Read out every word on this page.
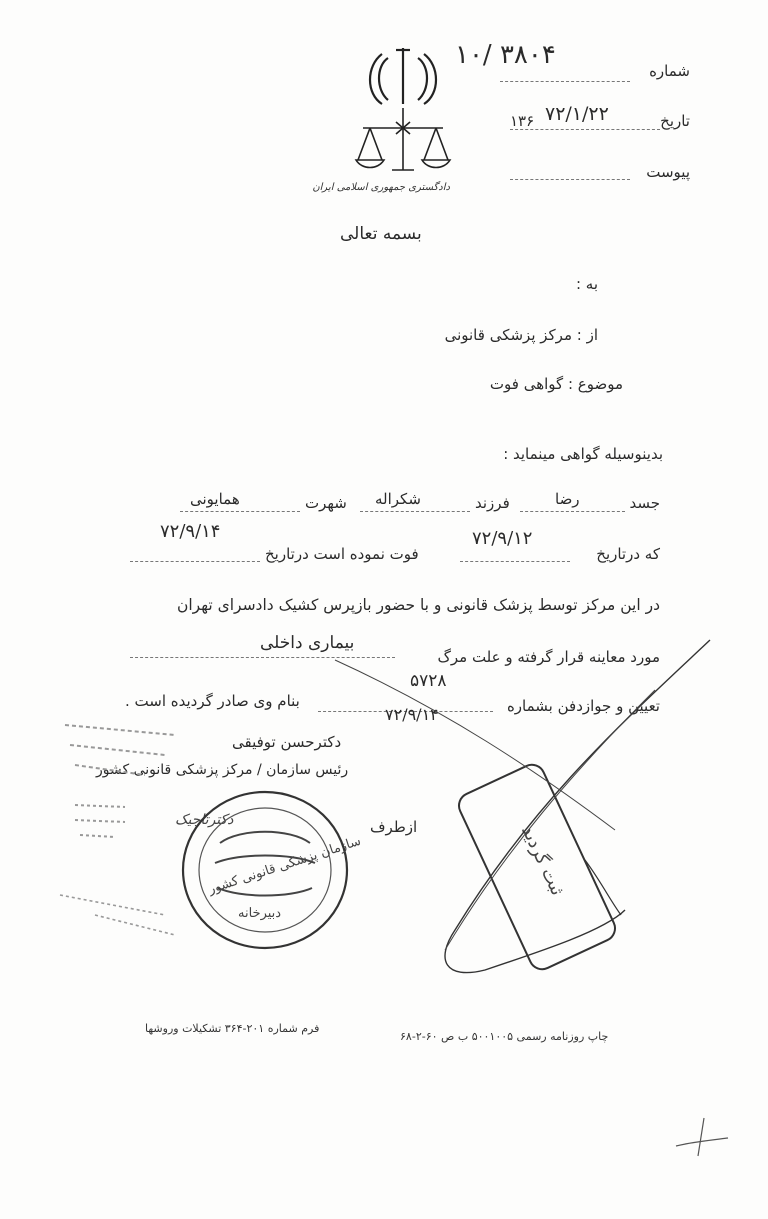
دادگستری جمهوری اسلامی ایران
شماره
۱۰/ ۳۸۰۴
تاریخ
۷۲/۱/۲۲
۱۳۶
پیوست
بسمه تعالی
به :
از : مرکز پزشکی قانونی
موضوع : گواهی فوت
بدینوسیله گواهی مینماید :
جسد
رضا
فرزند
شکراله
شهرت
همایونی
که درتاریخ
۷۲/۹/۱۲
فوت نموده است درتاریخ
۷۲/۹/۱۴
در این مرکز توسط پزشک قانونی و با حضور بازپرس کشیک دادسرای تهران
مورد معاینه قرار گرفته و علت مرگ
بیماری داخلی
تعیین و جوازدفن بشماره
۵۷۲۸
۷۲/۹/۱۴
بنام وی صادر گردیده است .
دکترحسن توفیقی
رئیس سازمان / مرکز پزشکی قانونی کشور
ازطرف
دکترتاجیک
سازمان پزشکی قانونی کشور
دبیرخانه
ثبت گردید
فرم شماره ۲۰۱-۳۶۴ تشکیلات وروشها
چاپ روزنامه رسمی ۵۰۰۱۰۰۵ ب ص ۶۰-۲-۶۸
